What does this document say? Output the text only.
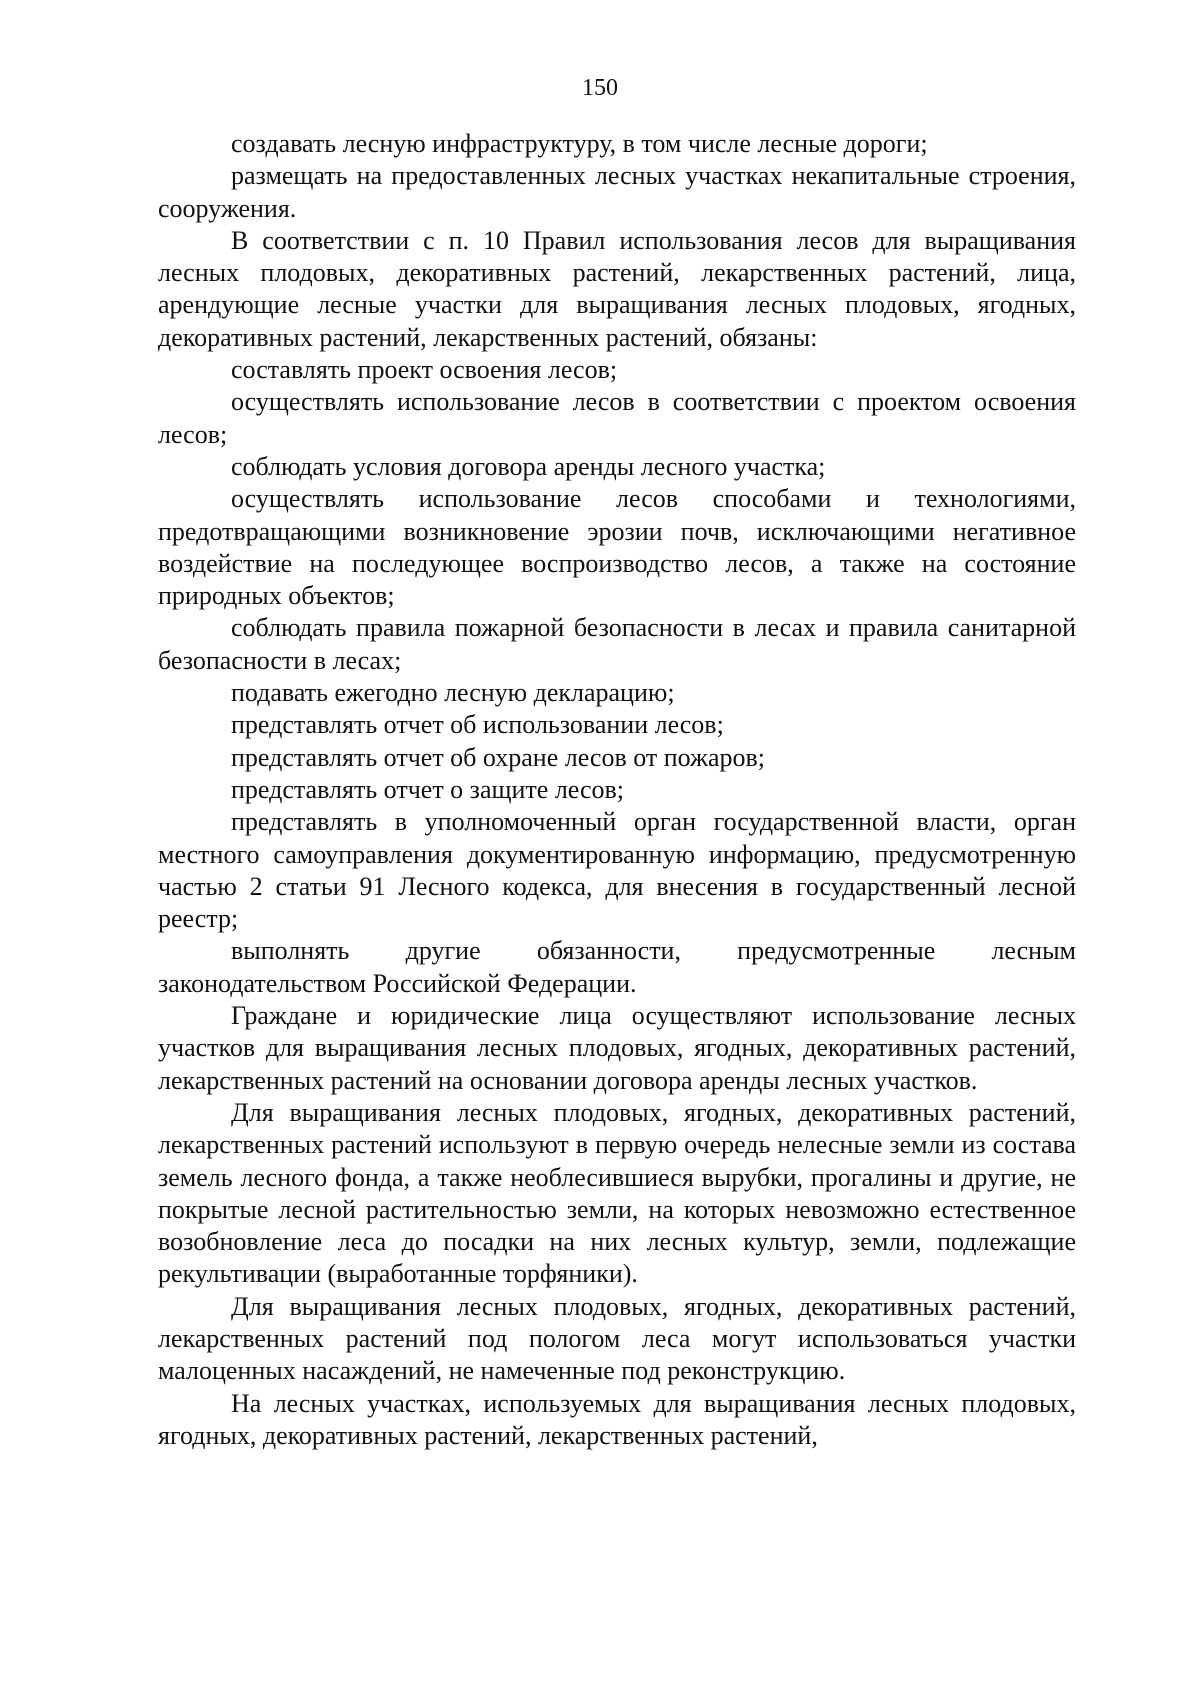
150

создавать лесную инфраструктуру, в том числе лесные дороги;

размещать на предоставленных лесных участках некапитальные строения, сооружения.

В соответствии с п. 10 Правил использования лесов для выращивания лесных плодовых, декоративных растений, лекарственных растений, лица, арендующие лесные участки для выращивания лесных плодовых, ягодных, декоративных растений, лекарственных растений, обязаны:

составлять проект освоения лесов;

осуществлять использование лесов в соответствии с проектом освоения лесов;

соблюдать условия договора аренды лесного участка;

осуществлять использование лесов способами и технологиями, предотвращающими возникновение эрозии почв, исключающими негативное воздействие на последующее воспроизводство лесов, а также на состояние природных объектов;

соблюдать правила пожарной безопасности в лесах и правила санитарной безопасности в лесах;

подавать ежегодно лесную декларацию;

представлять отчет об использовании лесов;

представлять отчет об охране лесов от пожаров;

представлять отчет о защите лесов;

представлять в уполномоченный орган государственной власти, орган местного самоуправления документированную информацию, предусмотренную частью 2 статьи 91 Лесного кодекса, для внесения в государственный лесной реестр;

выполнять другие обязанности, предусмотренные лесным законодательством Российской Федерации.

Граждане и юридические лица осуществляют использование лесных участков для выращивания лесных плодовых, ягодных, декоративных растений, лекарственных растений на основании договора аренды лесных участков.

Для выращивания лесных плодовых, ягодных, декоративных растений, лекарственных растений используют в первую очередь нелесные земли из состава земель лесного фонда, а также необлесившиеся вырубки, прогалины и другие, не покрытые лесной растительностью земли, на которых невозможно естественное возобновление леса до посадки на них лесных культур, земли, подлежащие рекультивации (выработанные торфяники).

Для выращивания лесных плодовых, ягодных, декоративных растений, лекарственных растений под пологом леса могут использоваться участки малоценных насаждений, не намеченные под реконструкцию.

На лесных участках, используемых для выращивания лесных плодовых, ягодных, декоративных растений, лекарственных растений,
